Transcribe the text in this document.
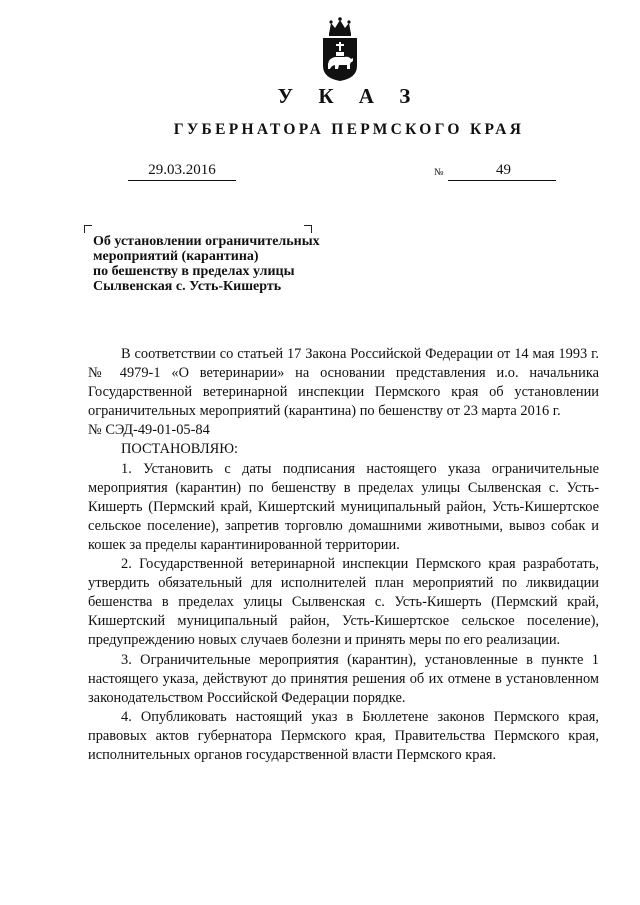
У К А З
ГУБЕРНАТОРА ПЕРМСКОГО КРАЯ
29.03.2016	№	49
Об установлении ограничительных
мероприятий (карантина)
по бешенству в пределах улицы
Сылвенская с. Усть-Кишерть

В соответствии со статьей 17 Закона Российской Федерации от 14 мая 1993 г. № 4979-1 «О ветеринарии» на основании представления и.о. начальника Государственной ветеринарной инспекции Пермского края об установлении ограничительных мероприятий (карантина) по бешенству от 23 марта 2016 г.

№ СЭД-49-01-05-84

ПОСТАНОВЛЯЮ:

1. Установить с даты подписания настоящего указа ограничительные мероприятия (карантин) по бешенству в пределах улицы Сылвенская с. Усть-Кишерть (Пермский край, Кишертский муниципальный район, Усть-Кишертское сельское поселение), запретив торговлю домашними животными, вывоз собак и кошек за пределы карантинированной территории.

2. Государственной ветеринарной инспекции Пермского края разработать, утвердить обязательный для исполнителей план мероприятий по ликвидации бешенства в пределах улицы Сылвенская с. Усть-Кишерть (Пермский край, Кишертский муниципальный район, Усть-Кишертское сельское поселение), предупреждению новых случаев болезни и принять меры по его реализации.

3. Ограничительные мероприятия (карантин), установленные в пункте 1 настоящего указа, действуют до принятия решения об их отмене в установленном законодательством Российской Федерации порядке.

4. Опубликовать настоящий указ в Бюллетене законов Пермского края, правовых актов губернатора Пермского края, Правительства Пермского края, исполнительных органов государственной власти Пермского края.
